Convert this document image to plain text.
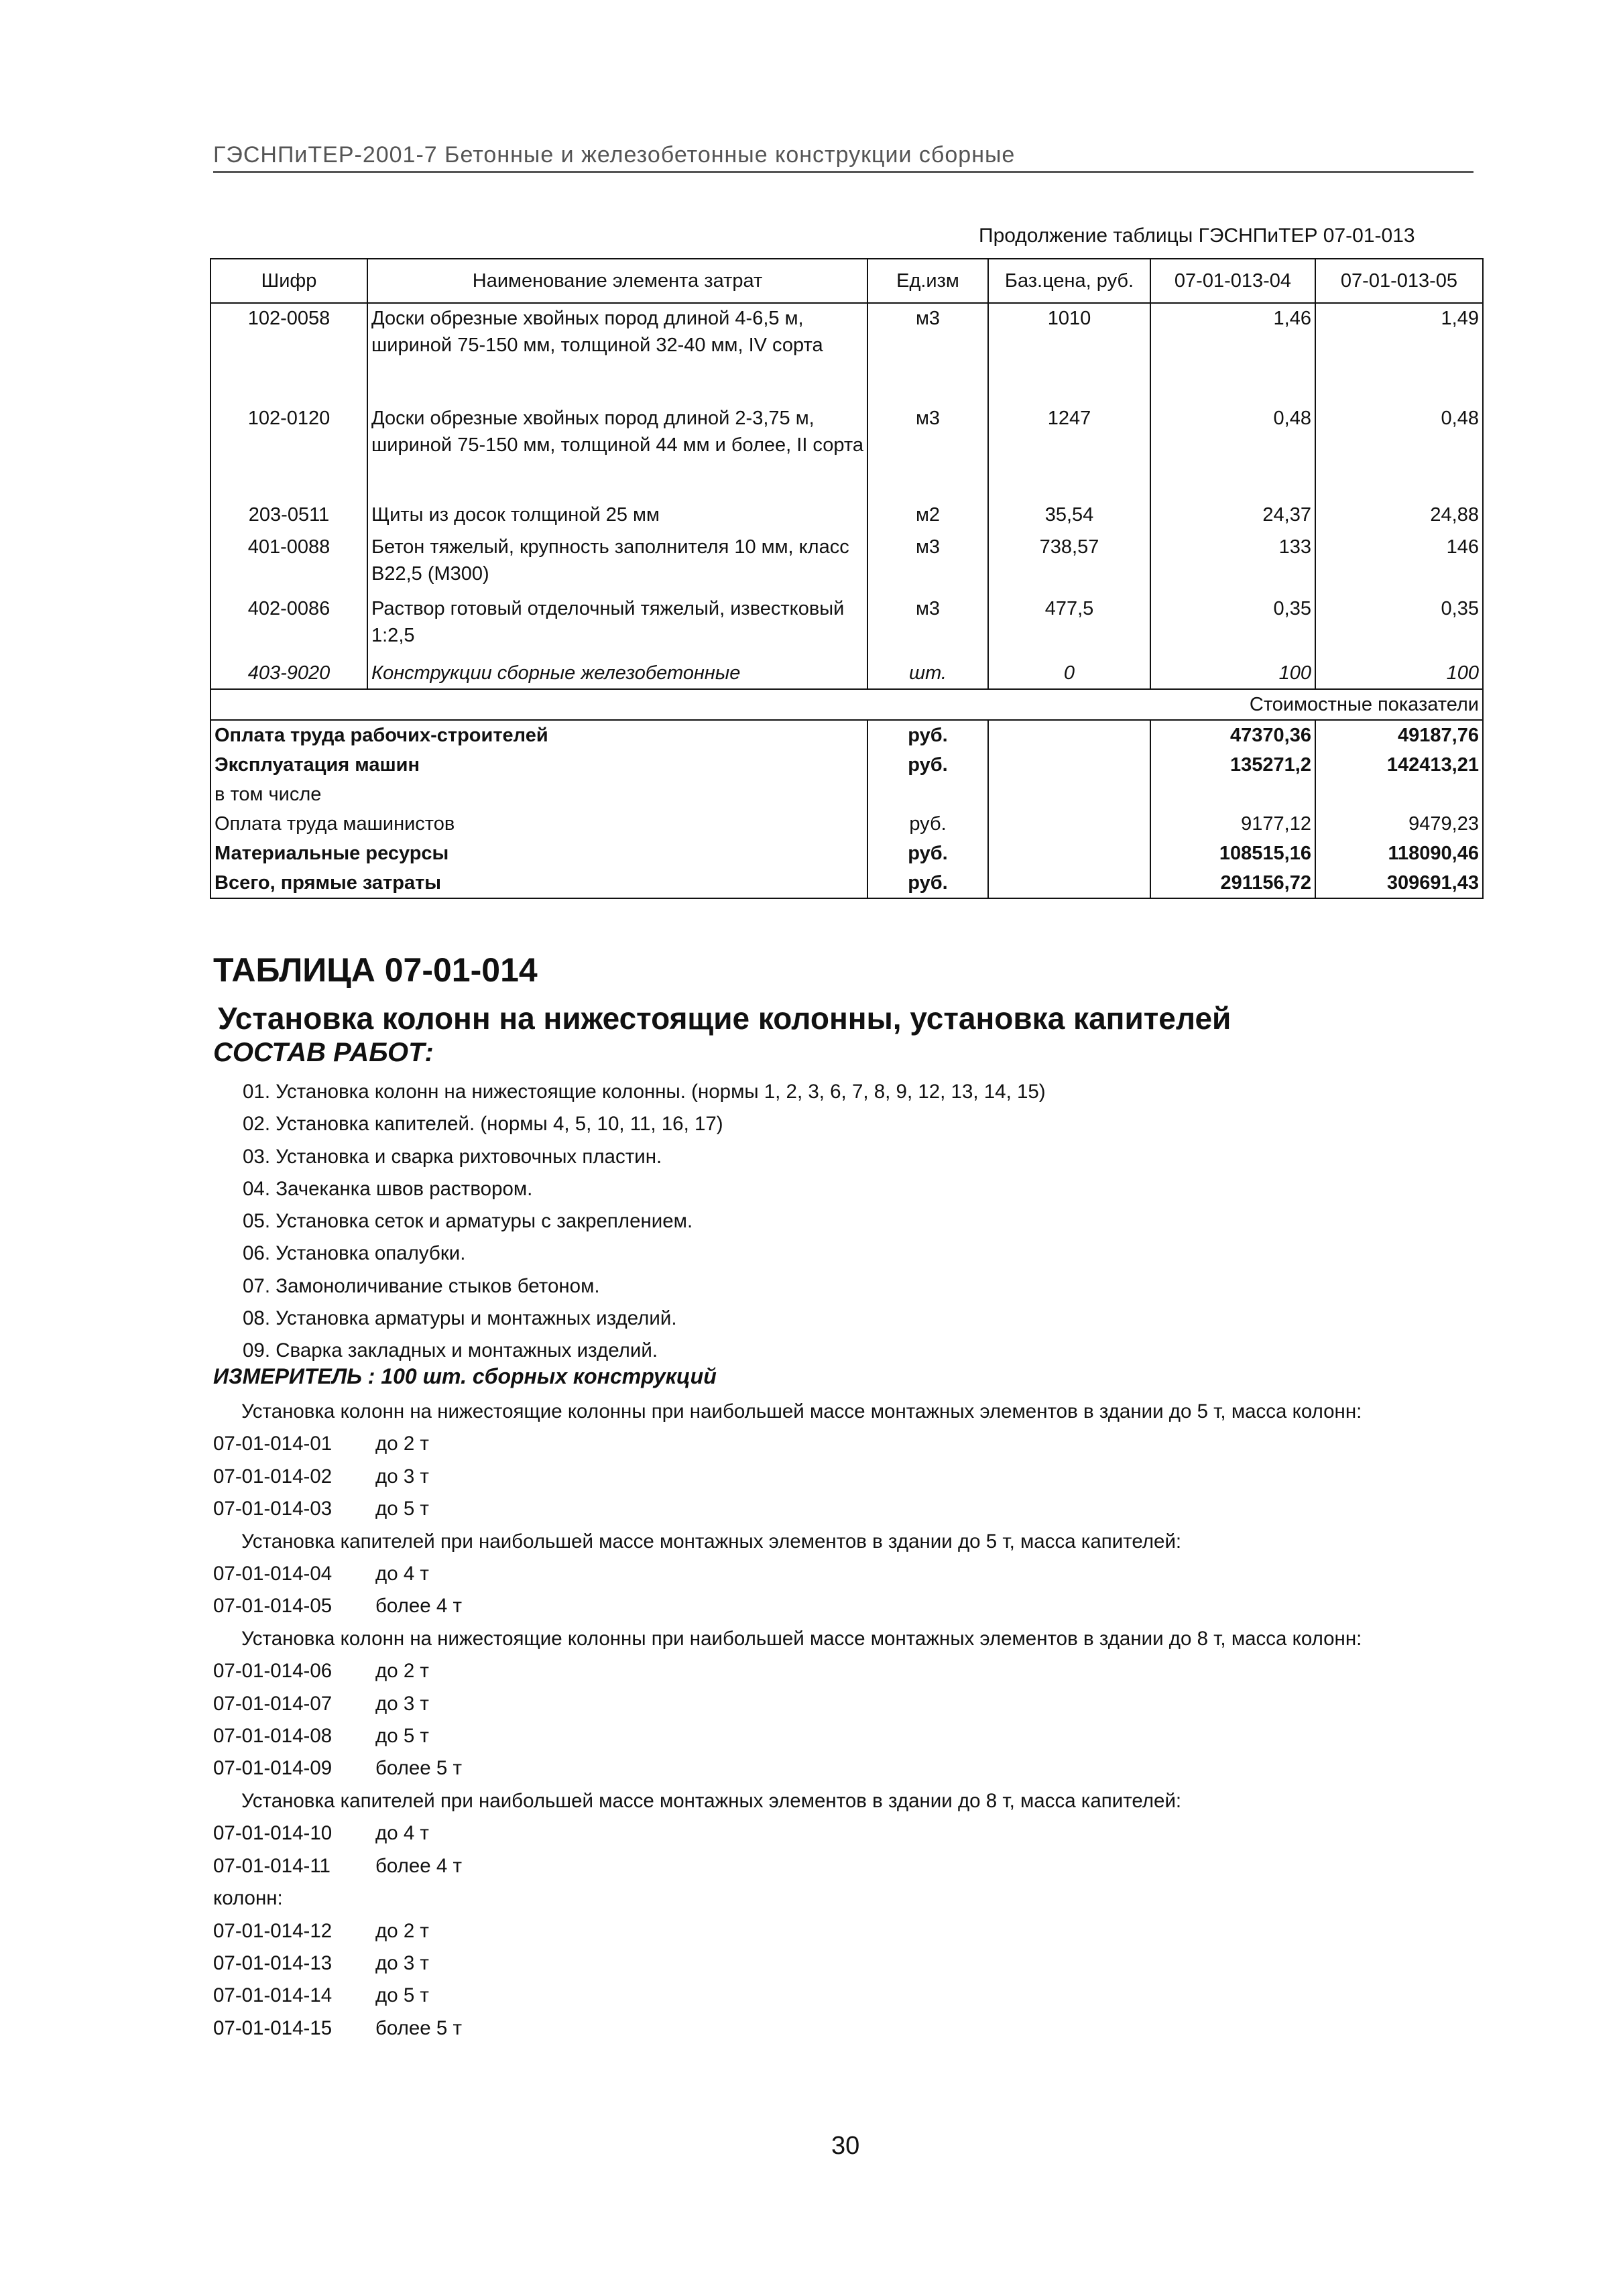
ГЭСНПиТЕР-2001-7 Бетонные и железобетонные конструкции сборные
Продолжение таблицы ГЭСНПиТЕР 07-01-013
Шифр	Наименование элемента затрат	Ед.изм	Баз.цена, руб.	07-01-013-04	07-01-013-05
102-0058	Доски обрезные хвойных пород длиной 4-6,5 м, шириной 75-150 мм, толщиной 32-40 мм, IV сорта	м3	1010	1,46	1,49
102-0120	Доски обрезные хвойных пород длиной 2-3,75 м, шириной 75-150 мм, толщиной 44 мм и более, II сорта	м3	1247	0,48	0,48
203-0511	Щиты из досок толщиной 25 мм	м2	35,54	24,37	24,88
401-0088	Бетон тяжелый, крупность заполнителя 10 мм, класс В22,5 (М300)	м3	738,57	133	146
402-0086	Раствор готовый отделочный тяжелый, известковый 1:2,5	м3	477,5	0,35	0,35
403-9020	Конструкции сборные железобетонные	шт.	0	100	100
Стоимостные показатели					
Оплата труда рабочих-строителей		руб.		47370,36	49187,76
Эксплуатация машин		руб.		135271,2	142413,21
в том числе					
Оплата труда машинистов		руб.		9177,12	9479,23
Материальные ресурсы		руб.		108515,16	118090,46
Всего, прямые затраты		руб.		291156,72	309691,43
ТАБЛИЦА 07-01-014
Установка колонн на нижестоящие колонны, установка капителей
СОСТАВ РАБОТ:
01. Установка колонн на нижестоящие колонны. (нормы 1, 2, 3, 6, 7, 8, 9, 12, 13, 14, 15)
02. Установка капителей. (нормы 4, 5, 10, 11, 16, 17)
03. Установка и сварка рихтовочных пластин.
04. Зачеканка швов раствором.
05. Установка сеток и арматуры с закреплением.
06. Установка опалубки.
07. Замоноличивание стыков бетоном.
08. Установка арматуры и монтажных изделий.
09. Сварка закладных и монтажных изделий.
ИЗМЕРИТЕЛЬ : 100 шт. сборных конструкций
Установка колонн на нижестоящие колонны при наибольшей массе монтажных элементов в здании до 5 т, масса колонн:
07-01-014-01 до 2 т
07-01-014-02 до 3 т
07-01-014-03 до 5 т
Установка капителей при наибольшей массе монтажных элементов в здании до 5 т, масса капителей:
07-01-014-04 до 4 т
07-01-014-05 более 4 т
Установка колонн на нижестоящие колонны при наибольшей массе монтажных элементов в здании до 8 т, масса колонн:
07-01-014-06 до 2 т
07-01-014-07 до 3 т
07-01-014-08 до 5 т
07-01-014-09 более 5 т
Установка капителей при наибольшей массе монтажных элементов в здании до 8 т, масса капителей:
07-01-014-10 до 4 т
07-01-014-11 более 4 т
колонн:
07-01-014-12 до 2 т
07-01-014-13 до 3 т
07-01-014-14 до 5 т
07-01-014-15 более 5 т
30
